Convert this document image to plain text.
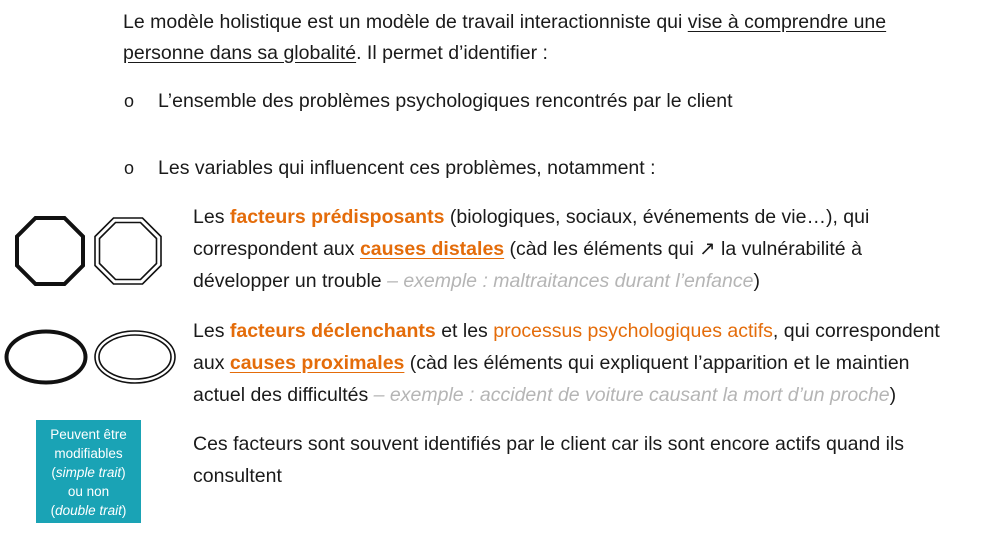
Le modèle holistique est un modèle de travail interactionniste qui vise à comprendre une
personne dans sa globalité. Il permet d’identifier :
o L’ensemble des problèmes psychologiques rencontrés par le client
o Les variables qui influencent ces problèmes, notamment :
Les facteurs prédisposants (biologiques, sociaux, événements de vie…), qui
correspondent aux causes distales (càd les éléments qui ↗ la vulnérabilité à
développer un trouble – exemple : maltraitances durant l’enfance)
Les facteurs déclenchants et les processus psychologiques actifs, qui correspondent
aux causes proximales (càd les éléments qui expliquent l’apparition et le maintien
actuel des difficultés – exemple : accident de voiture causant la mort d’un proche)
Ces facteurs sont souvent identifiés par le client car ils sont encore actifs quand ils
consultent
Peuvent être
modifiables
(simple trait)
ou non
(double trait)
